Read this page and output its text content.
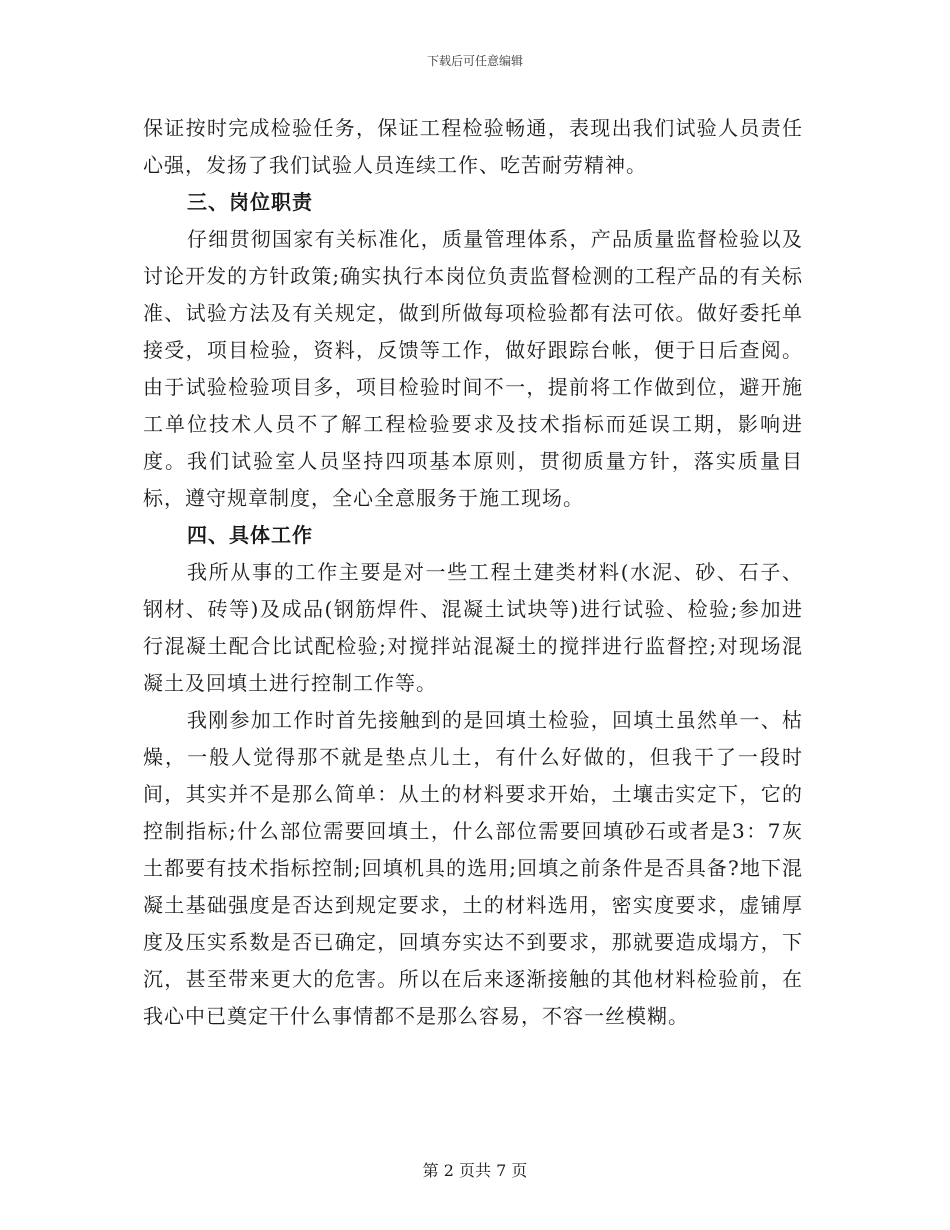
下载后可任意编辑

保证按时完成检验任务，保证工程检验畅通，表现出我们试验人员责任心强，发扬了我们试验人员连续工作、吃苦耐劳精神。

三、岗位职责

仔细贯彻国家有关标准化，质量管理体系，产品质量监督检验以及讨论开发的方针政策;确实执行本岗位负责监督检测的工程产品的有关标准、试验方法及有关规定，做到所做每项检验都有法可依。做好委托单接受，项目检验，资料，反馈等工作，做好跟踪台帐，便于日后查阅。由于试验检验项目多，项目检验时间不一，提前将工作做到位，避开施工单位技术人员不了解工程检验要求及技术指标而延误工期，影响进度。我们试验室人员坚持四项基本原则，贯彻质量方针，落实质量目标，遵守规章制度，全心全意服务于施工现场。

四、具体工作

我所从事的工作主要是对一些工程土建类材料(水泥、砂、石子、钢材、砖等)及成品(钢筋焊件、混凝土试块等)进行试验、检验;参加进行混凝土配合比试配检验;对搅拌站混凝土的搅拌进行监督控;对现场混凝土及回填土进行控制工作等。

我刚参加工作时首先接触到的是回填土检验，回填土虽然单一、枯燥，一般人觉得那不就是垫点儿土，有什么好做的，但我干了一段时间，其实并不是那么简单：从土的材料要求开始，土壤击实定下，它的控制指标;什么部位需要回填土，什么部位需要回填砂石或者是3：7灰土都要有技术指标控制;回填机具的选用;回填之前条件是否具备?地下混凝土基础强度是否达到规定要求，土的材料选用，密实度要求，虚铺厚度及压实系数是否已确定，回填夯实达不到要求，那就要造成塌方，下沉，甚至带来更大的危害。所以在后来逐渐接触的其他材料检验前，在我心中已奠定干什么事情都不是那么容易，不容一丝模糊。

第 2 页共 7 页
